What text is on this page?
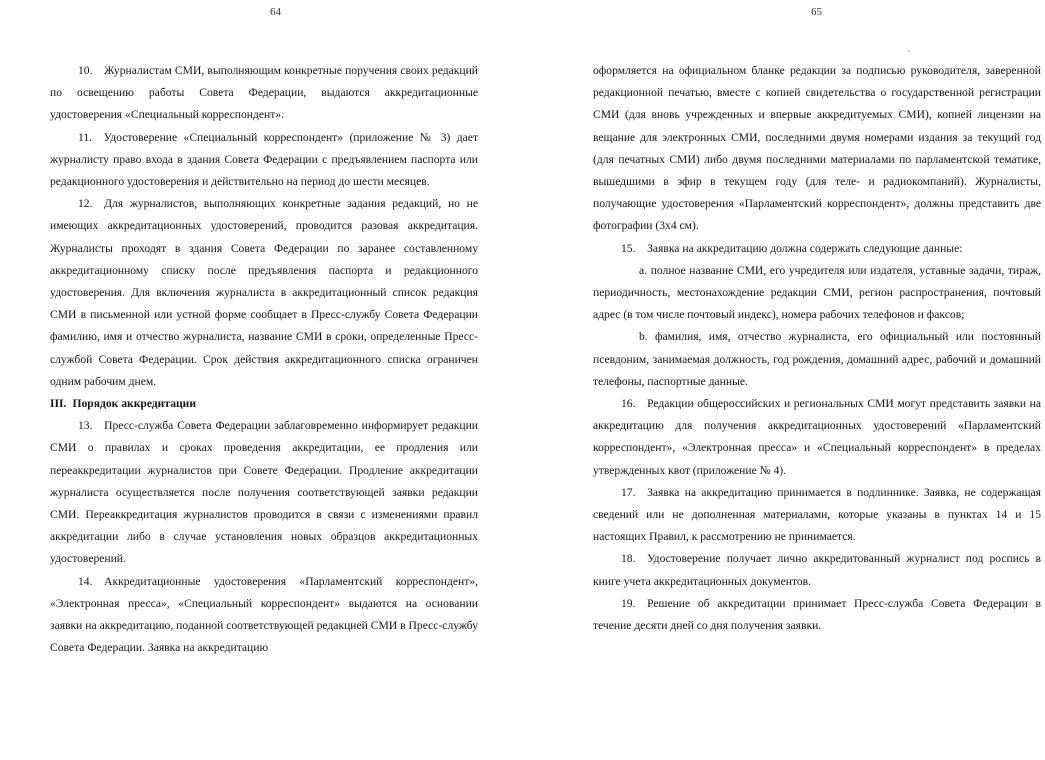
64

10. Журналистам СМИ, выполняющим конкретные поручения своих редакций по освещению работы Совета Федерации, выдаются аккредитационные удостоверения «Специальный корреспондент».

11. Удостоверение «Специальный корреспондент» (приложение № 3) дает журналисту право входа в здания Совета Федерации с предъявлением паспорта или редакционного удостоверения и действительно на период до шести месяцев.

12. Для журналистов, выполняющих конкретные задания редакций, но не имеющих аккредитационных удостоверений, проводится разовая аккредитация. Журналисты проходят в здания Совета Федерации по заранее составленному аккредитационному списку после предъявления паспорта и редакционного удостоверения. Для включения журналиста в аккредитационный список редакция СМИ в письменной или устной форме сообщает в Пресс-службу Совета Федерации фамилию, имя и отчество журналиста, название СМИ в сроки, определенные Пресс-службой Совета Федерации. Срок действия аккредитационного списка ограничен одним рабочим днем.

III. Порядок аккредитации

13. Пресс-служба Совета Федерации заблаговременно информирует редакции СМИ о правилах и сроках проведения аккредитации, ее продления или переаккредитации журналистов при Совете Федерации. Продление аккредитации журналиста осуществляется после получения соответствующей заявки редакции СМИ. Переаккредитация журналистов проводится в связи с изменениями правил аккредитации либо в случае установления новых образцов аккредитационных удостоверений.

14. Аккредитационные удостоверения «Парламентский корреспондент», «Электронная пресса», «Специальный корреспондент» выдаются на основании заявки на аккредитацию, поданной соответствующей редакцией СМИ в Пресс-службу Совета Федерации. Заявка на аккредитацию

65
`

оформляется на официальном бланке редакции за подписью руководителя, заверенной редакционной печатью, вместе с копией свидетельства о государственной регистрации СМИ (для вновь учрежденных и впервые аккредитуемых СМИ), копией лицензии на вещание для электронных СМИ, последними двумя номерами издания за текущий год (для печатных СМИ) либо двумя последними материалами по парламентской тематике, вышедшими в эфир в текущем году (для теле- и радиокомпаний). Журналисты, получающие удостоверения «Парламентский корреспондент», должны представить две фотографии (3х4 см).

15. Заявка на аккредитацию должна содержать следующие данные:

a. полное название СМИ, его учредителя или издателя, уставные задачи, тираж, периодичность, местонахождение редакции СМИ, регион распространения, почтовый адрес (в том числе почтовый индекс), номера рабочих телефонов и факсов;

b. фамилия, имя, отчество журналиста, его официальный или постоянный псевдоним, занимаемая должность, год рождения, домашний адрес, рабочий и домашний телефоны, паспортные данные.

16. Редакции общероссийских и региональных СМИ могут представить заявки на аккредитацию для получения аккредитационных удостоверений «Парламентский корреспондент», «Электронная пресса» и «Специальный корреспондент» в пределах утвержденных квот (приложение № 4).

17. Заявка на аккредитацию принимается в подлиннике. Заявка, не содержащая сведений или не дополненная материалами, которые указаны в пунктах 14 и 15 настоящих Правил, к рассмотрению не принимается.

18. Удостоверение получает лично аккредитованный журналист под роспись в книге учета аккредитационных документов.

19. Решение об аккредитации принимает Пресс-служба Совета Федерации в течение десяти дней со дня получения заявки.
